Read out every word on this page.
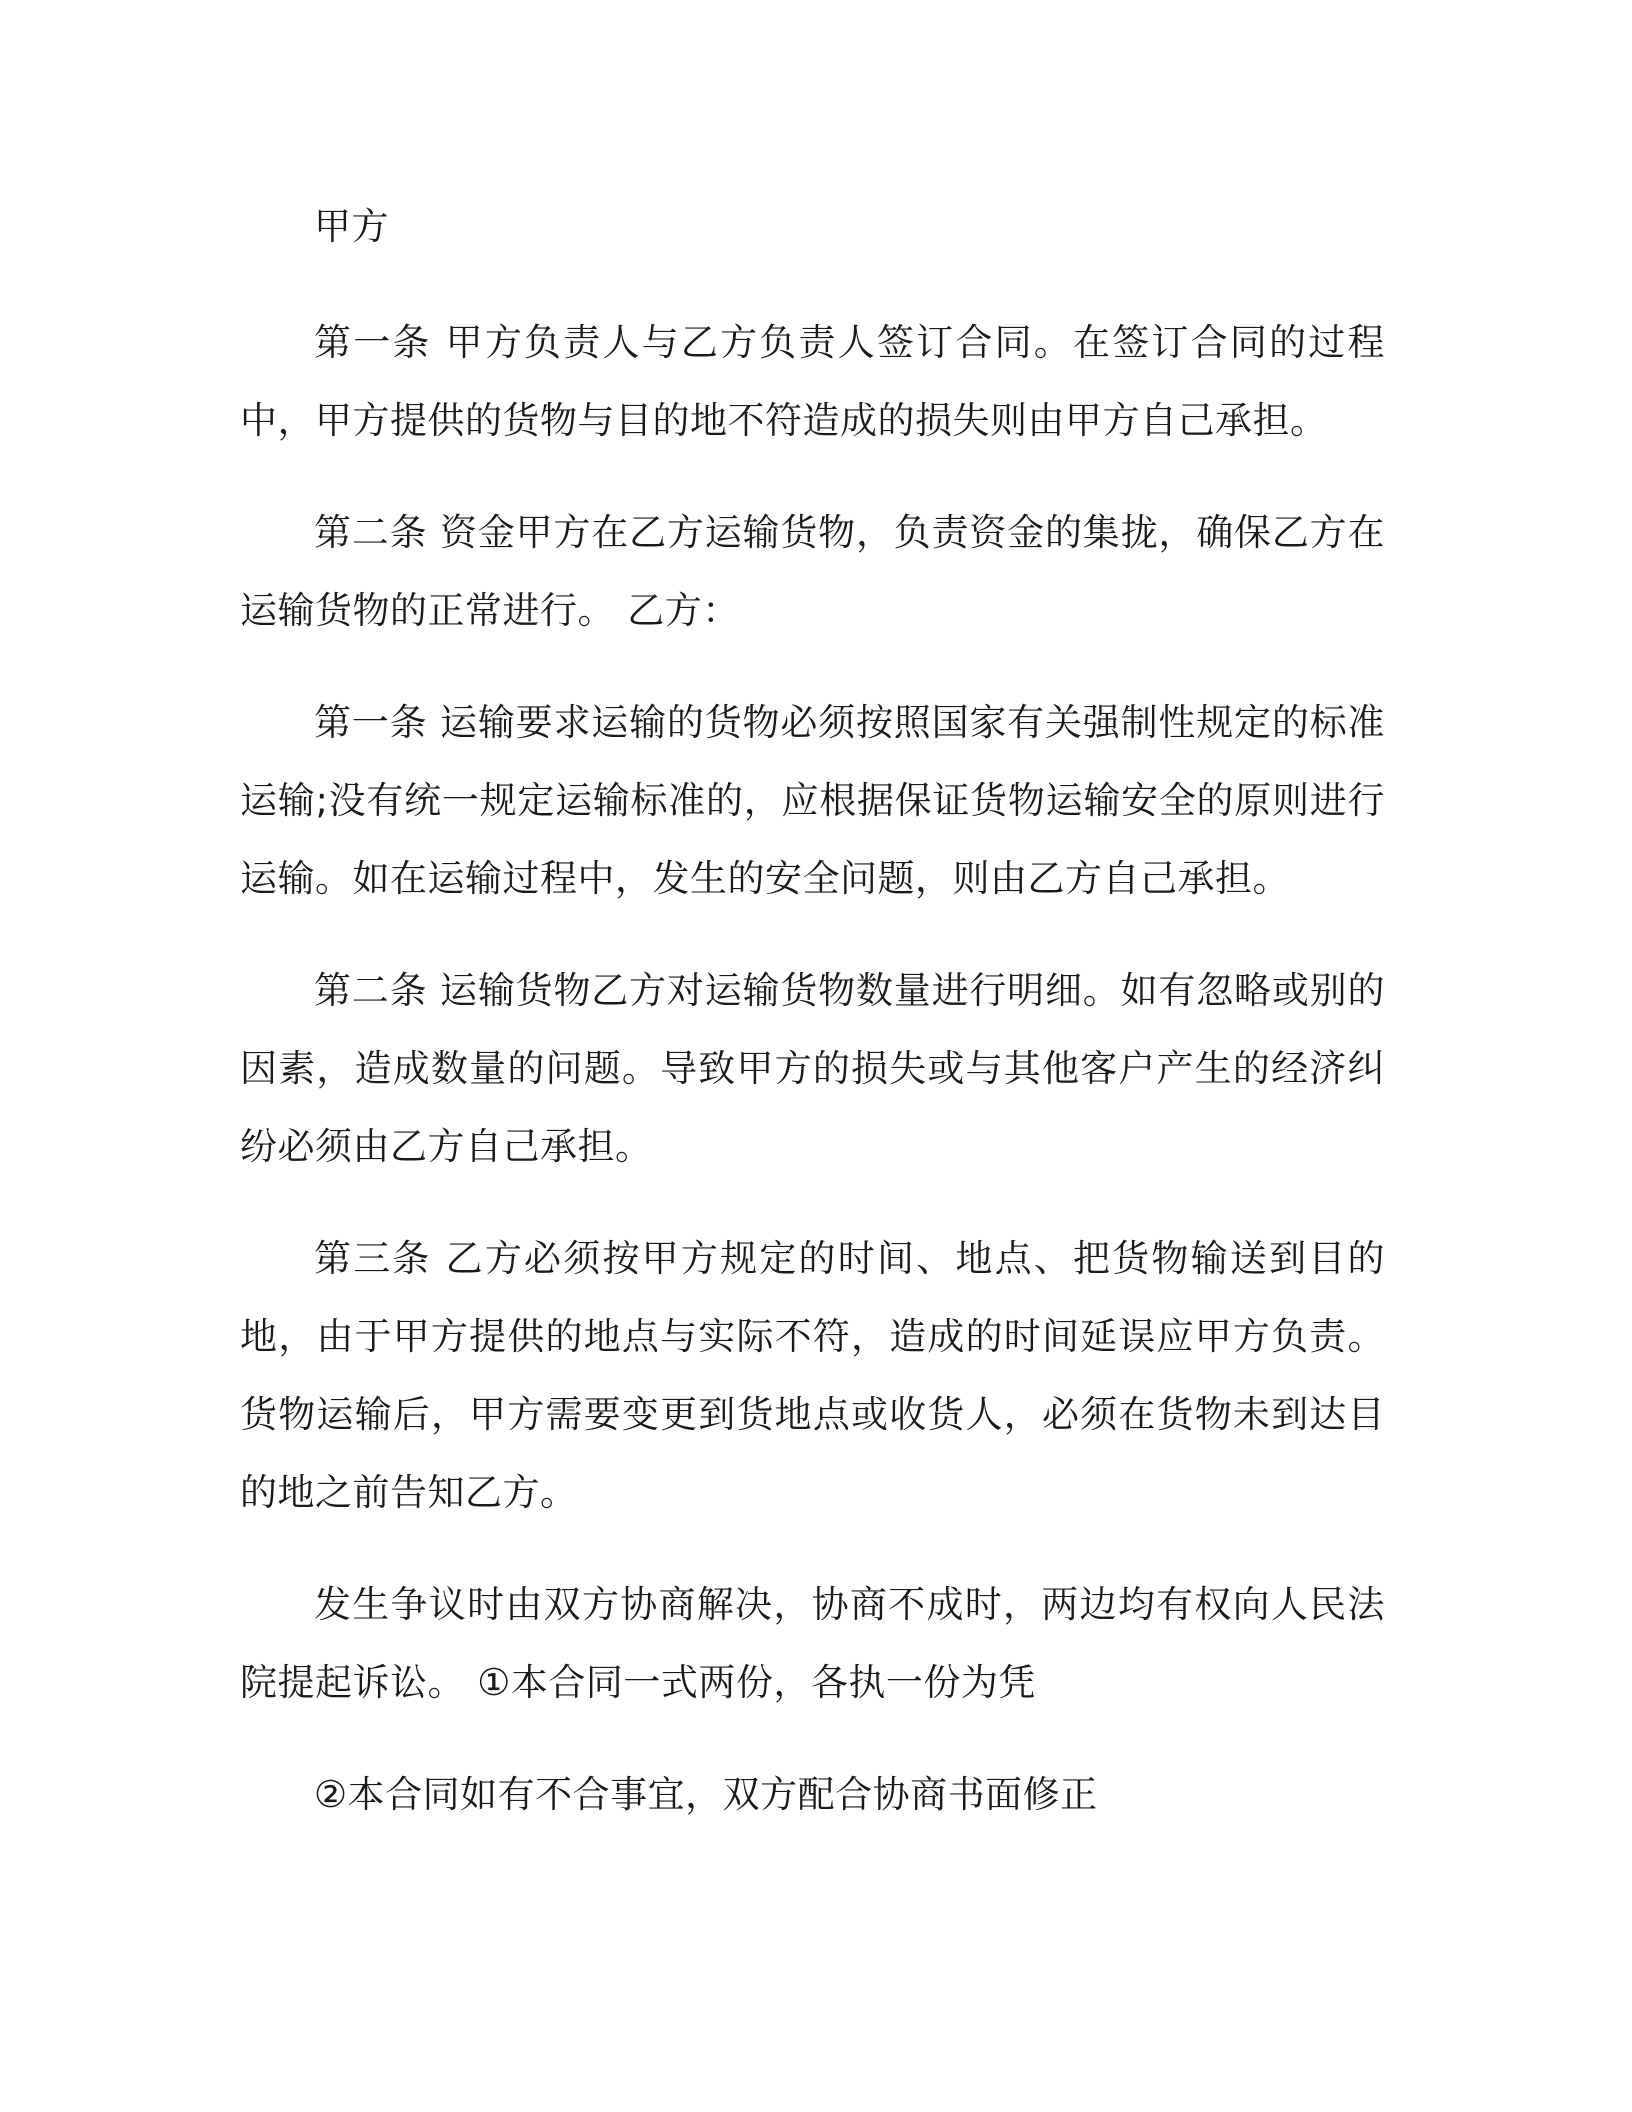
甲方

第一条 甲方负责人与乙方负责人签订合同。在签订合同的过程中，甲方提供的货物与目的地不符造成的损失则由甲方自己承担。

第二条 资金甲方在乙方运输货物，负责资金的集拢，确保乙方在运输货物的正常进行。 乙方：

第一条 运输要求运输的货物必须按照国家有关强制性规定的标准运输;没有统一规定运输标准的，应根据保证货物运输安全的原则进行运输。如在运输过程中，发生的安全问题，则由乙方自己承担。

第二条 运输货物乙方对运输货物数量进行明细。如有忽略或别的因素，造成数量的问题。导致甲方的损失或与其他客户产生的经济纠纷必须由乙方自己承担。

第三条 乙方必须按甲方规定的时间、地点、把货物输送到目的地，由于甲方提供的地点与实际不符，造成的时间延误应甲方负责。货物运输后，甲方需要变更到货地点或收货人，必须在货物未到达目的地之前告知乙方。

发生争议时由双方协商解决，协商不成时，两边均有权向人民法院提起诉讼。 ①本合同一式两份，各执一份为凭

②本合同如有不合事宜，双方配合协商书面修正
